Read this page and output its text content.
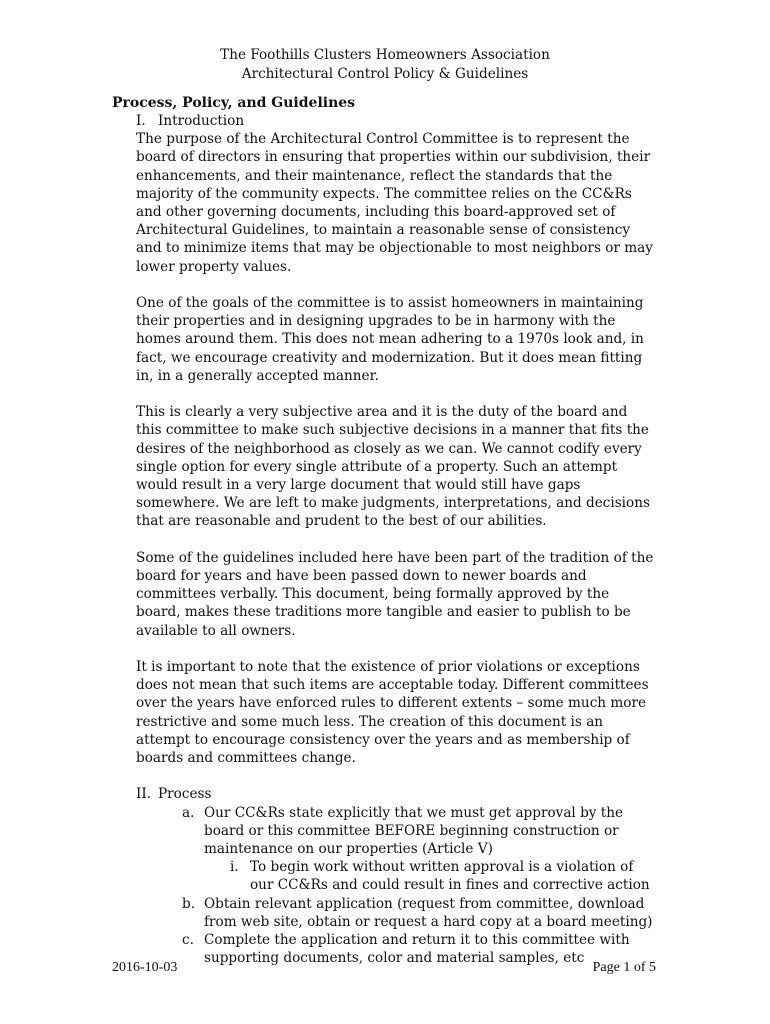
The Foothills Clusters Homeowners Association
Architectural Control Policy & Guidelines
Process, Policy, and Guidelines
I. Introduction

The purpose of the Architectural Control Committee is to represent the board of directors in ensuring that properties within our subdivision, their enhancements, and their maintenance, reflect the standards that the majority of the community expects. The committee relies on the CC&Rs and other governing documents, including this board-approved set of Architectural Guidelines, to maintain a reasonable sense of consistency and to minimize items that may be objectionable to most neighbors or may lower property values.

One of the goals of the committee is to assist homeowners in maintaining their properties and in designing upgrades to be in harmony with the homes around them. This does not mean adhering to a 1970s look and, in fact, we encourage creativity and modernization. But it does mean fitting in, in a generally accepted manner.

This is clearly a very subjective area and it is the duty of the board and this committee to make such subjective decisions in a manner that fits the desires of the neighborhood as closely as we can. We cannot codify every single option for every single attribute of a property. Such an attempt would result in a very large document that would still have gaps somewhere. We are left to make judgments, interpretations, and decisions that are reasonable and prudent to the best of our abilities.

Some of the guidelines included here have been part of the tradition of the board for years and have been passed down to newer boards and committees verbally. This document, being formally approved by the board, makes these traditions more tangible and easier to publish to be available to all owners.

It is important to note that the existence of prior violations or exceptions does not mean that such items are acceptable today. Different committees over the years have enforced rules to different extents – some much more restrictive and some much less. The creation of this document is an attempt to encourage consistency over the years and as membership of boards and committees change.

II. Process
a. Our CC&Rs state explicitly that we must get approval by the board or this committee BEFORE beginning construction or maintenance on our properties (Article V)
i. To begin work without written approval is a violation of our CC&Rs and could result in fines and corrective action
b. Obtain relevant application (request from committee, download from web site, obtain or request a hard copy at a board meeting)
c. Complete the application and return it to this committee with supporting documents, color and material samples, etc
2016-10-03	Page 1 of 5
